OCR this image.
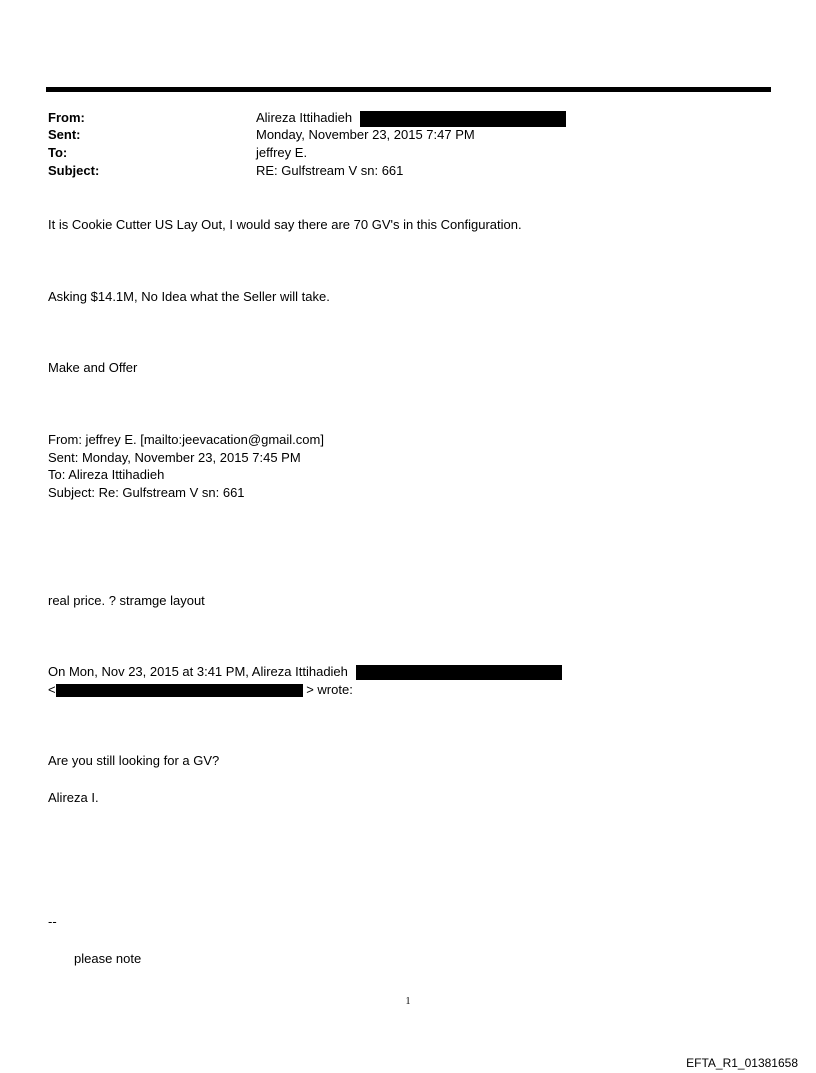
From:	Alireza Ittihadieh
Sent:	Monday, November 23, 2015 7:47 PM
To:	jeffrey E.
Subject:	RE: Gulfstream V sn: 661
It is Cookie Cutter US Lay Out, I would say there are 70 GV's in this Configuration.
Asking $14.1M, No Idea what the Seller will take.
Make and Offer
From: jeffrey E. [mailto:jeevacation@gmail.com]
Sent: Monday, November 23, 2015 7:45 PM
To: Alireza Ittihadieh
Subject: Re: Gulfstream V sn: 661
real price. ? stramge layout
On Mon, Nov 23, 2015 at 3:41 PM, Alireza Ittihadieh
<	> wrote:
Are you still looking for a GV?
Alireza I.
--
please note
1
EFTA_R1_01381658
